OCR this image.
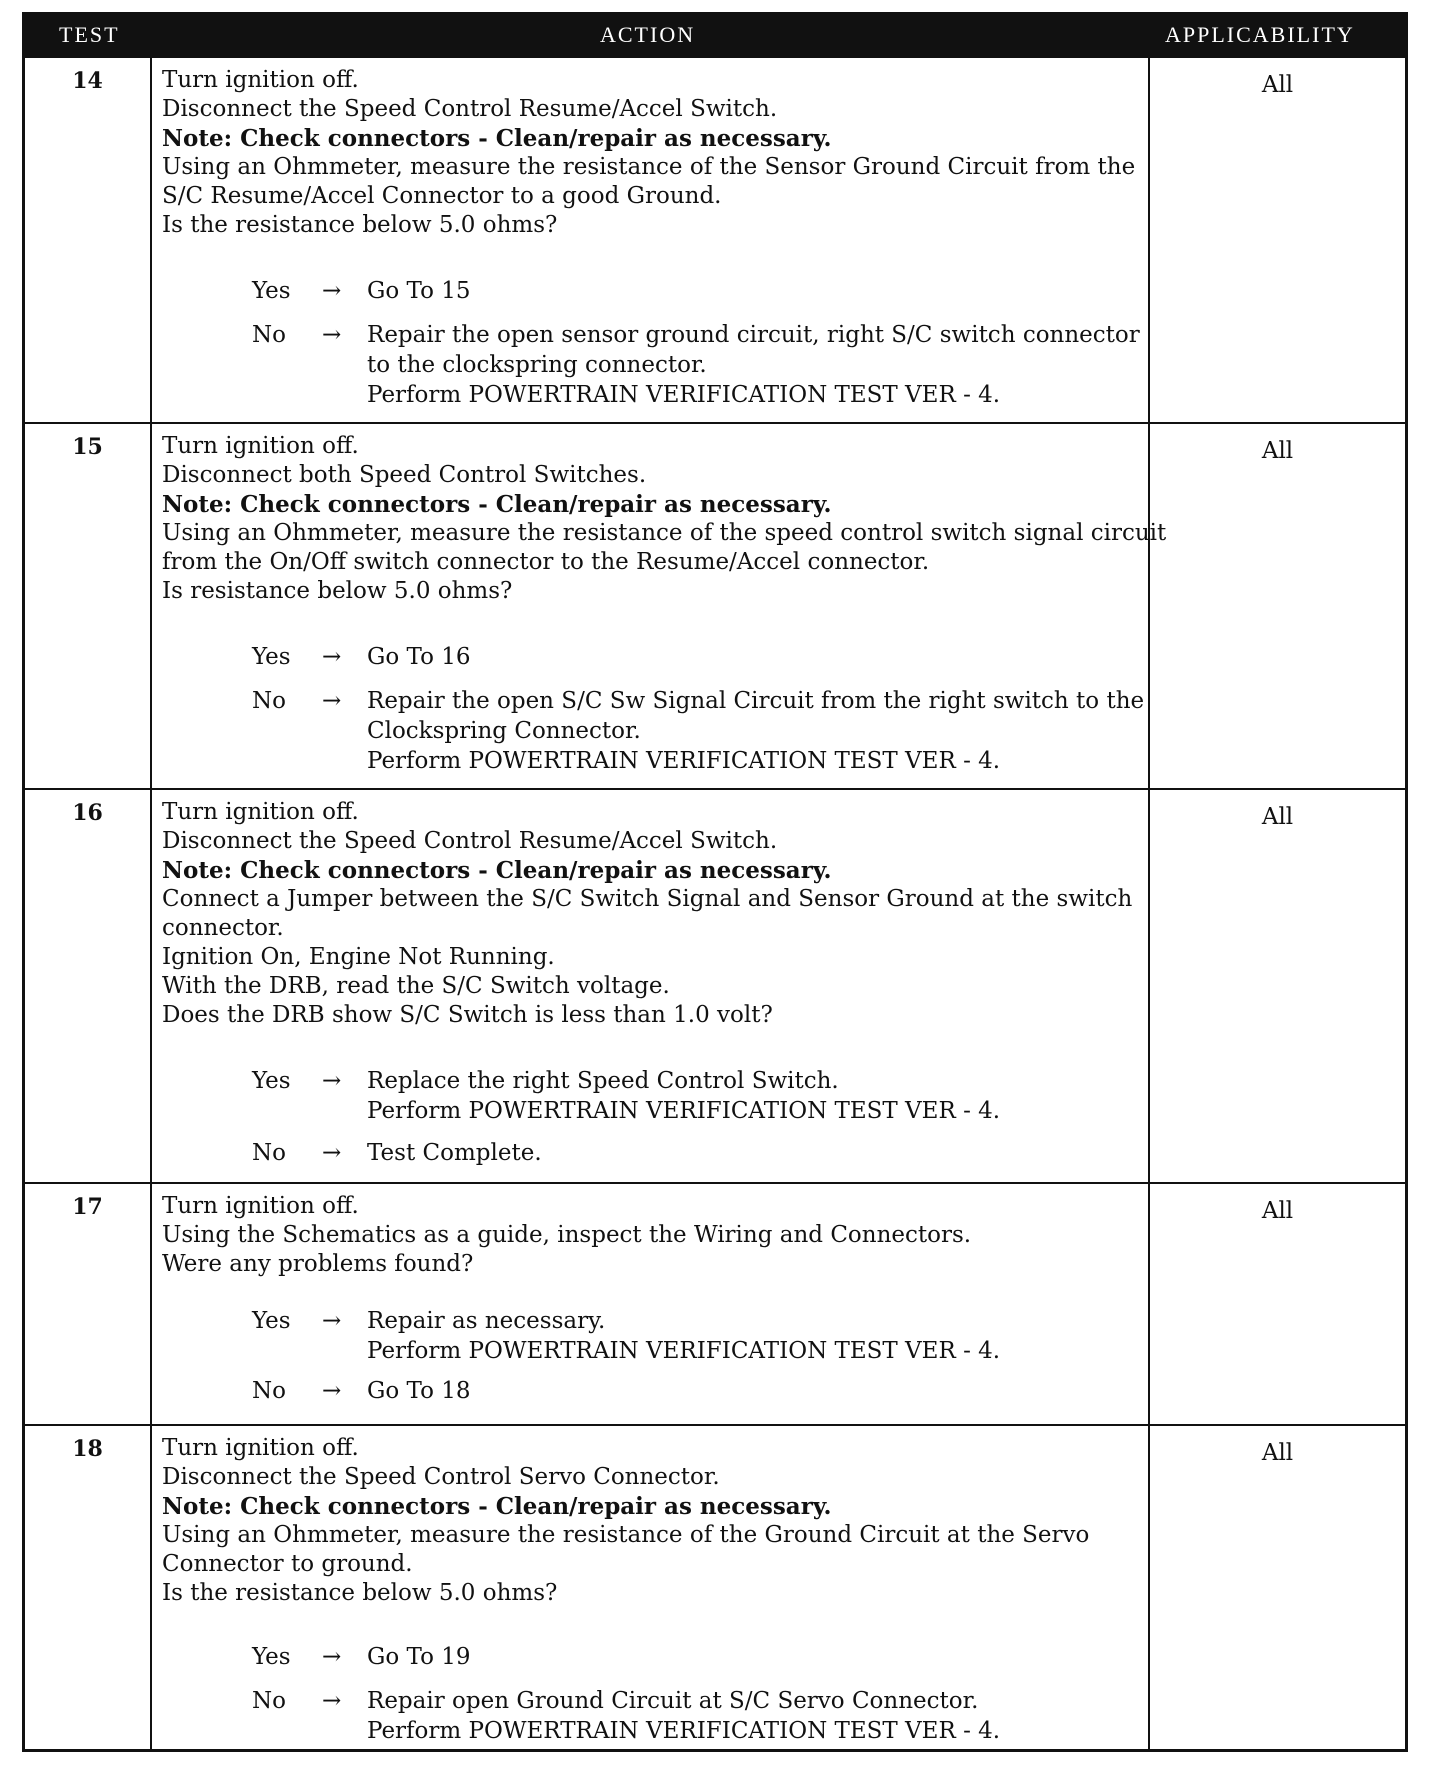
TEST	ACTION	APPLICABILITY
14	Turn ignition off.
Disconnect the Speed Control Resume/Accel Switch.
Note: Check connectors - Clean/repair as necessary.
Using an Ohmmeter, measure the resistance of the Sensor Ground Circuit from the
S/C Resume/Accel Connector to a good Ground.
Is the resistance below 5.0 ohms?
Yes	→	Go To 15
No	→	Repair the open sensor ground circuit, right S/C switch connector
to the clockspring connector.
Perform POWERTRAIN VERIFICATION TEST VER - 4.
All
15	Turn ignition off.
Disconnect both Speed Control Switches.
Note: Check connectors - Clean/repair as necessary.
Using an Ohmmeter, measure the resistance of the speed control switch signal circuit
from the On/Off switch connector to the Resume/Accel connector.
Is resistance below 5.0 ohms?
Yes	→	Go To 16
No	→	Repair the open S/C Sw Signal Circuit from the right switch to the
Clockspring Connector.
Perform POWERTRAIN VERIFICATION TEST VER - 4.
All
16	Turn ignition off.
Disconnect the Speed Control Resume/Accel Switch.
Note: Check connectors - Clean/repair as necessary.
Connect a Jumper between the S/C Switch Signal and Sensor Ground at the switch
connector.
Ignition On, Engine Not Running.
With the DRB, read the S/C Switch voltage.
Does the DRB show S/C Switch is less than 1.0 volt?
Yes	→	Replace the right Speed Control Switch.
Perform POWERTRAIN VERIFICATION TEST VER - 4.
No	→	Test Complete.
All
17	Turn ignition off.
Using the Schematics as a guide, inspect the Wiring and Connectors.
Were any problems found?
Yes	→	Repair as necessary.
Perform POWERTRAIN VERIFICATION TEST VER - 4.
No	→	Go To 18
All
18	Turn ignition off.
Disconnect the Speed Control Servo Connector.
Note: Check connectors - Clean/repair as necessary.
Using an Ohmmeter, measure the resistance of the Ground Circuit at the Servo
Connector to ground.
Is the resistance below 5.0 ohms?
Yes	→	Go To 19
No	→	Repair open Ground Circuit at S/C Servo Connector.
Perform POWERTRAIN VERIFICATION TEST VER - 4.
All
